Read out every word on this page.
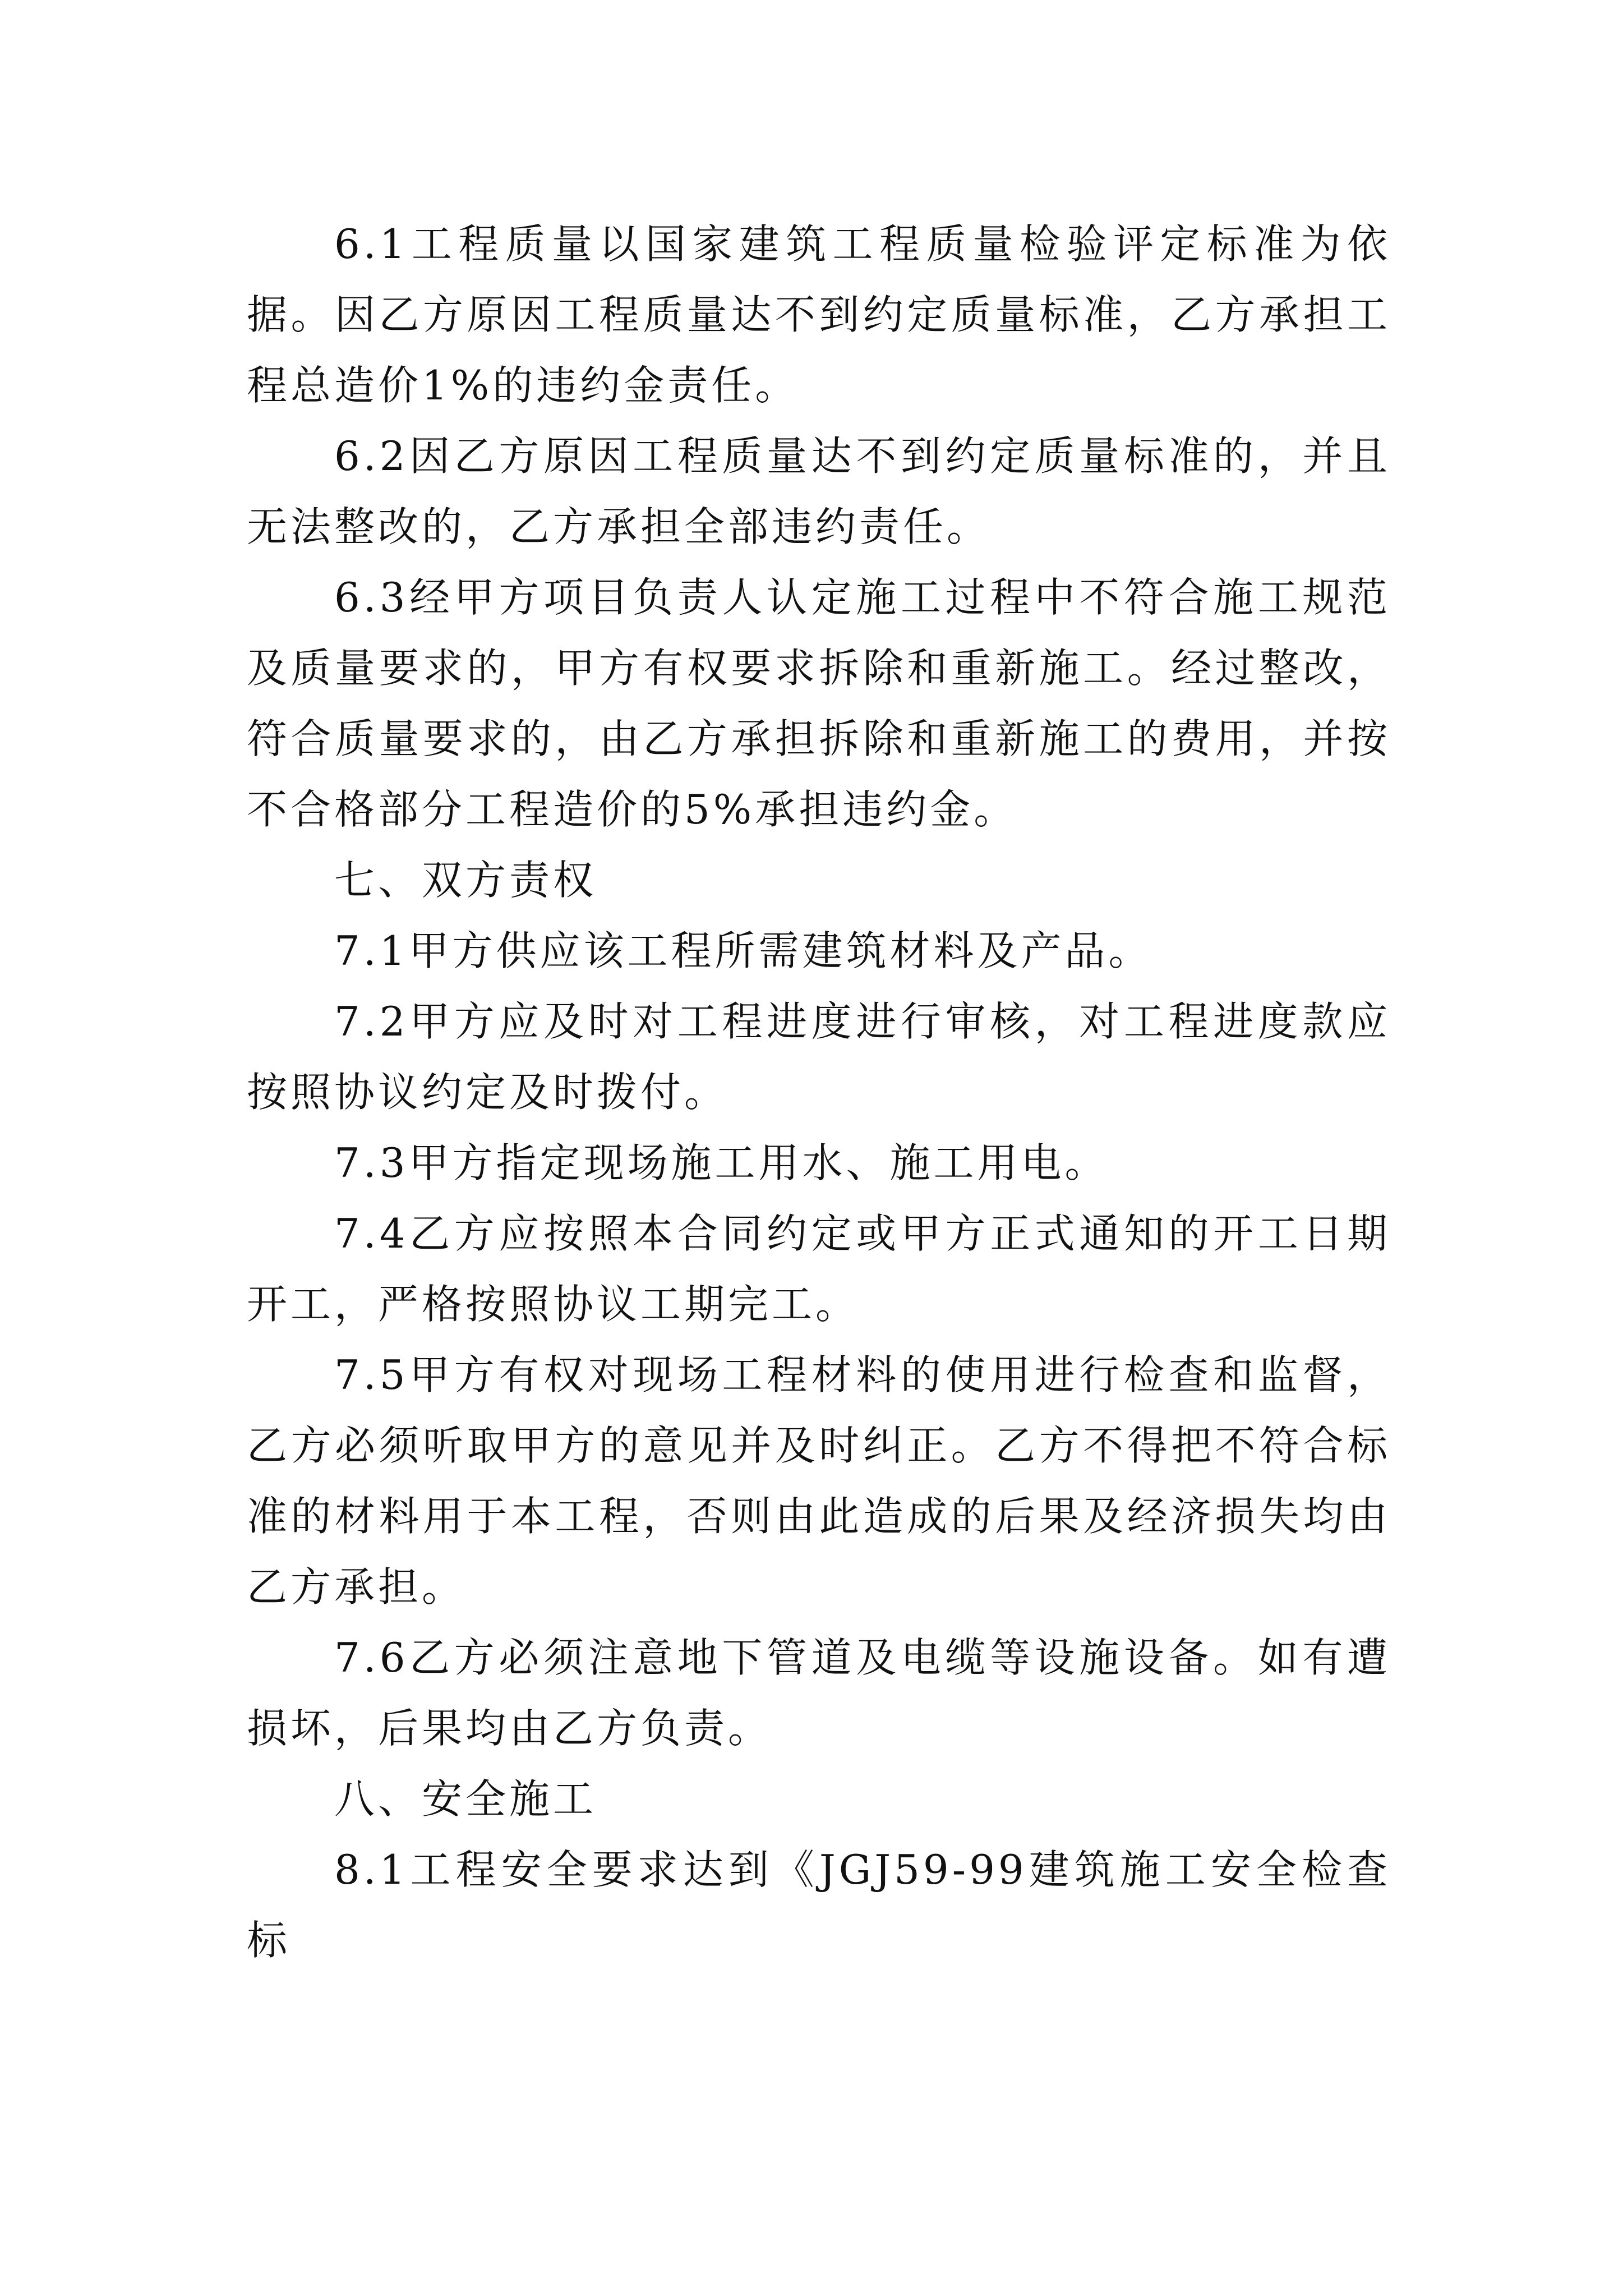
6.1工程质量以国家建筑工程质量检验评定标准为依据。因乙方原因工程质量达不到约定质量标准，乙方承担工程总造价1%的违约金责任。

6.2因乙方原因工程质量达不到约定质量标准的，并且无法整改的，乙方承担全部违约责任。

6.3经甲方项目负责人认定施工过程中不符合施工规范及质量要求的，甲方有权要求拆除和重新施工。经过整改，符合质量要求的，由乙方承担拆除和重新施工的费用，并按不合格部分工程造价的5%承担违约金。

七、双方责权

7.1甲方供应该工程所需建筑材料及产品。

7.2甲方应及时对工程进度进行审核，对工程进度款应按照协议约定及时拨付。

7.3甲方指定现场施工用水、施工用电。

7.4乙方应按照本合同约定或甲方正式通知的开工日期开工，严格按照协议工期完工。

7.5甲方有权对现场工程材料的使用进行检查和监督，乙方必须听取甲方的意见并及时纠正。乙方不得把不符合标准的材料用于本工程，否则由此造成的后果及经济损失均由乙方承担。

7.6乙方必须注意地下管道及电缆等设施设备。如有遭损坏，后果均由乙方负责。

八、安全施工

8.1工程安全要求达到《JGJ59-99建筑施工安全检查标
